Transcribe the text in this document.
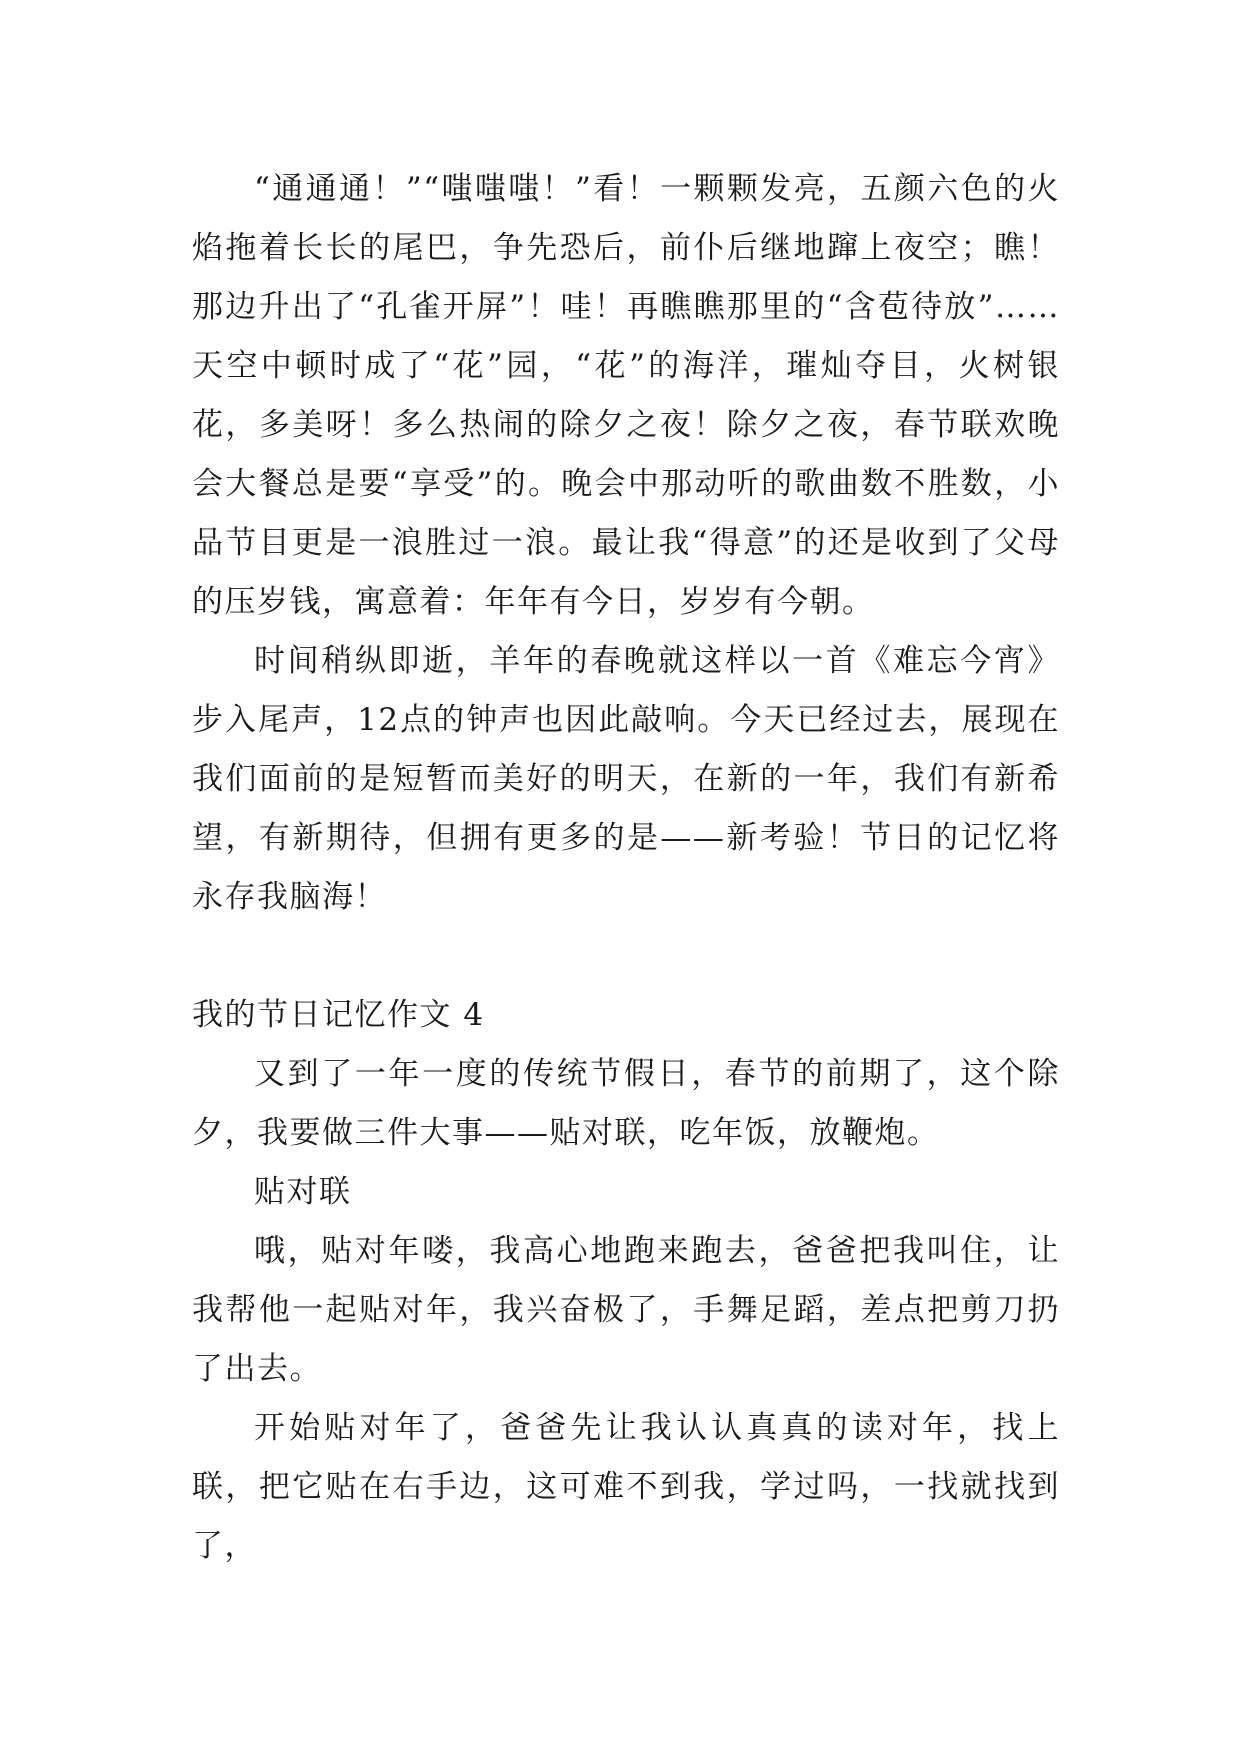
“通通通！”“嗤嗤嗤！”看！一颗颗发亮，五颜六色的火焰拖着长长的尾巴，争先恐后，前仆后继地蹿上夜空；瞧！那边升出了“孔雀开屏”！哇！再瞧瞧那里的“含苞待放”……天空中顿时成了“花”园，“花”的海洋，璀灿夺目，火树银花，多美呀！多么热闹的除夕之夜！除夕之夜，春节联欢晚会大餐总是要“享受”的。晚会中那动听的歌曲数不胜数，小品节目更是一浪胜过一浪。最让我“得意”的还是收到了父母的压岁钱，寓意着：年年有今日，岁岁有今朝。

时间稍纵即逝，羊年的春晚就这样以一首《难忘今宵》步入尾声，12点的钟声也因此敲响。今天已经过去，展现在我们面前的是短暂而美好的明天，在新的一年，我们有新希望，有新期待，但拥有更多的是——新考验！节日的记忆将永存我脑海！

我的节日记忆作文 4

又到了一年一度的传统节假日，春节的前期了，这个除夕，我要做三件大事——贴对联，吃年饭，放鞭炮。

贴对联

哦，贴对年喽，我高心地跑来跑去，爸爸把我叫住，让我帮他一起贴对年，我兴奋极了，手舞足蹈，差点把剪刀扔了出去。

开始贴对年了，爸爸先让我认认真真的读对年，找上联，把它贴在右手边，这可难不到我，学过吗，一找就找到了，
